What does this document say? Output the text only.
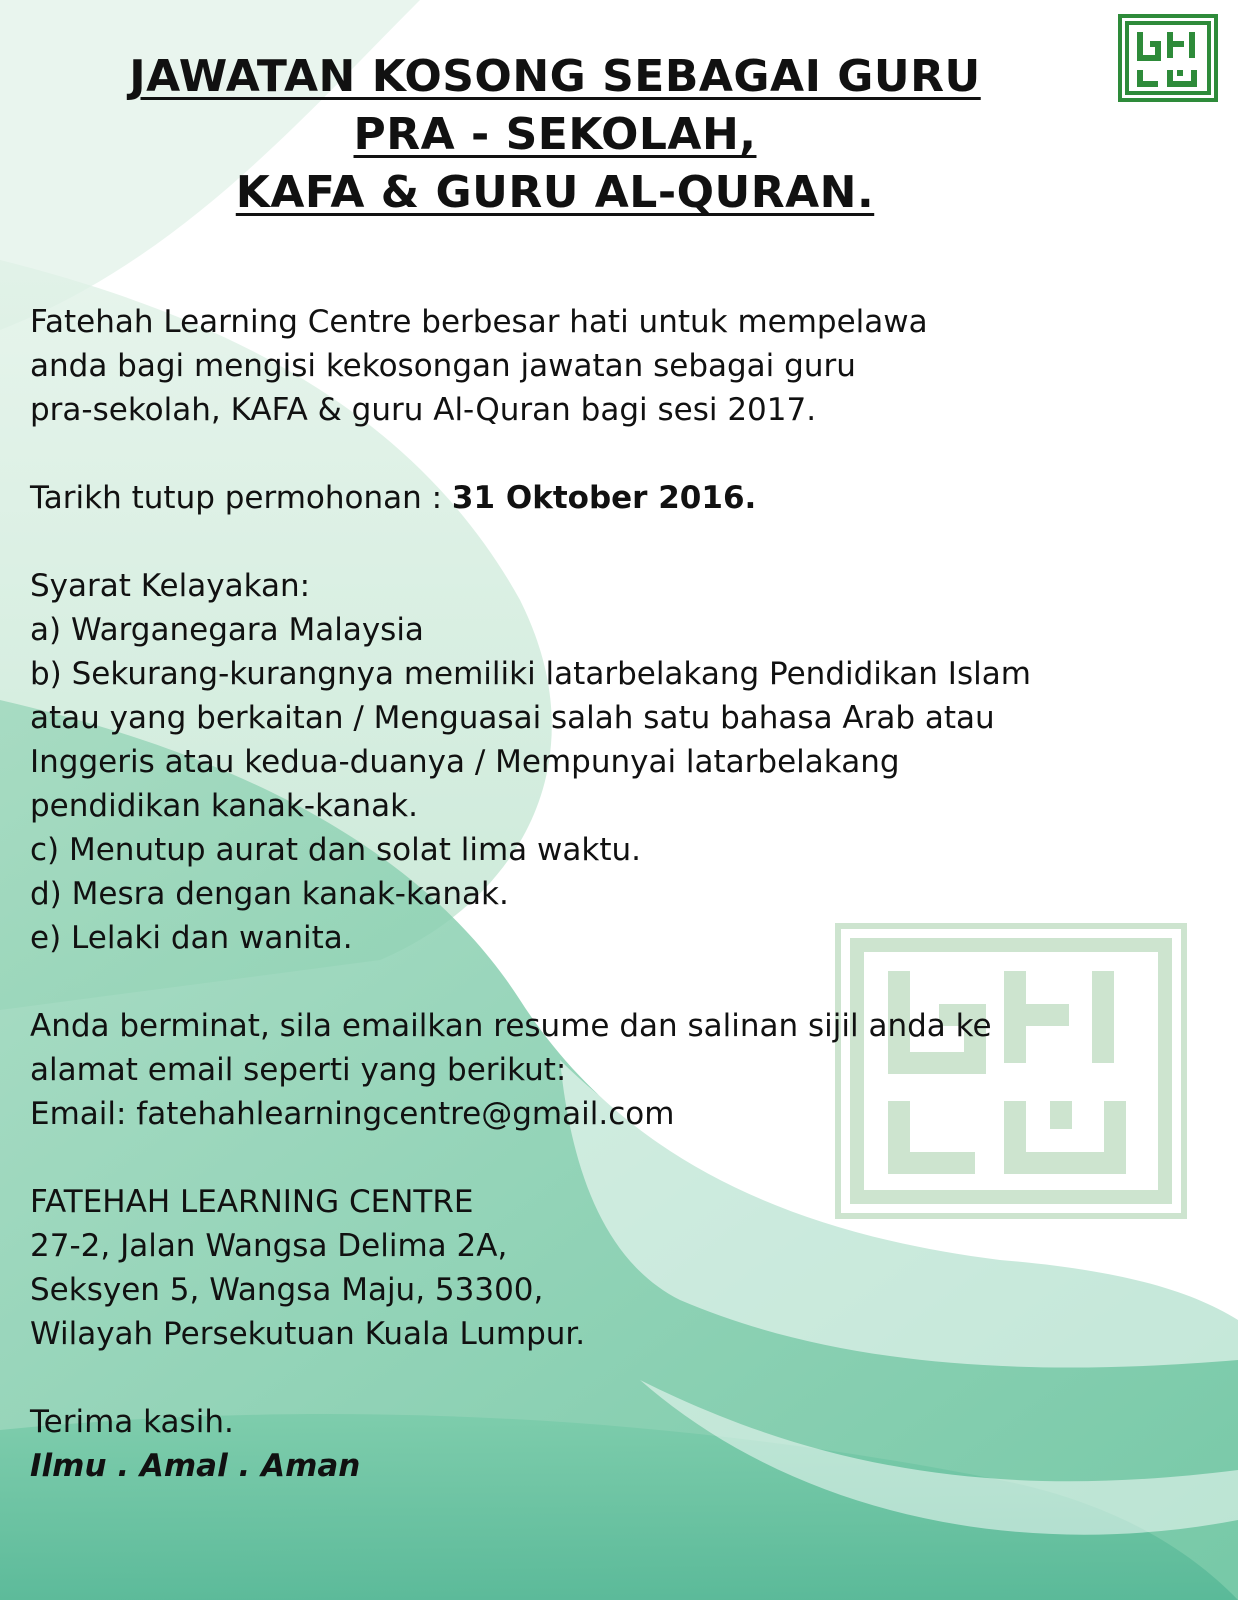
JAWATAN KOSONG SEBAGAI GURU
PRA - SEKOLAH,
KAFA & GURU AL-QURAN.
Fatehah Learning Centre berbesar hati untuk mempelawa
anda bagi mengisi kekosongan jawatan sebagai guru
pra-sekolah, KAFA & guru Al-Quran bagi sesi 2017.
Tarikh tutup permohonan : 31 Oktober 2016.
Syarat Kelayakan:
a) Warganegara Malaysia
b) Sekurang-kurangnya memiliki latarbelakang Pendidikan Islam
atau yang berkaitan / Menguasai salah satu bahasa Arab atau
Inggeris atau kedua-duanya / Mempunyai latarbelakang
pendidikan kanak-kanak.
c) Menutup aurat dan solat lima waktu.
d) Mesra dengan kanak-kanak.
e) Lelaki dan wanita.
Anda berminat, sila emailkan resume dan salinan sijil anda ke
alamat email seperti yang berikut:
Email: fatehahlearningcentre@gmail.com
FATEHAH LEARNING CENTRE
27-2, Jalan Wangsa Delima 2A,
Seksyen 5, Wangsa Maju, 53300,
Wilayah Persekutuan Kuala Lumpur.
Terima kasih.
Ilmu . Amal . Aman
